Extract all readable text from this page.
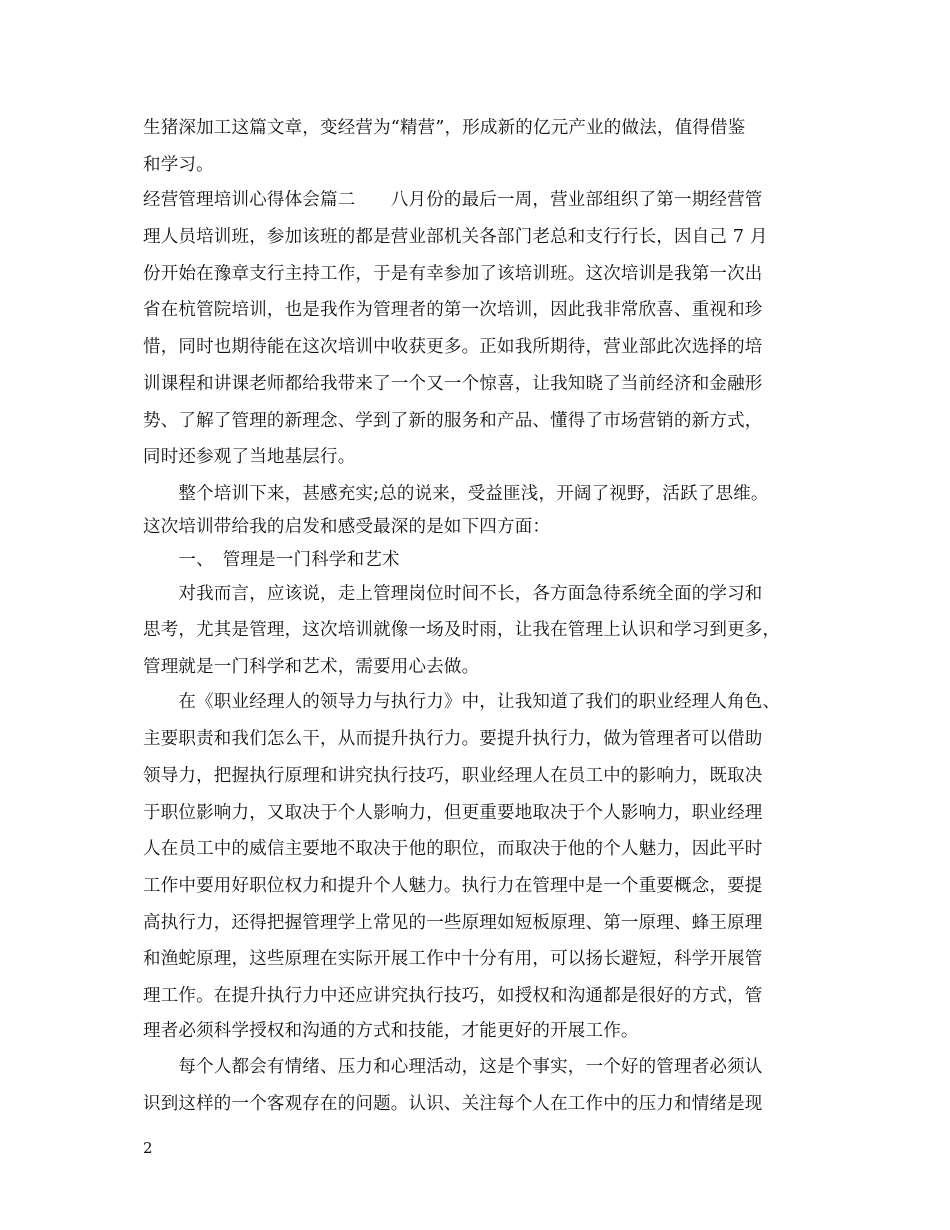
生猪深加工这篇文章，变经营为“精营”，形成新的亿元产业的做法，值得借鉴
和学习。
经营管理培训心得体会篇二　　八月份的最后一周，营业部组织了第一期经营管
理人员培训班，参加该班的都是营业部机关各部门老总和支行行长，因自己 7 月
份开始在豫章支行主持工作，于是有幸参加了该培训班。这次培训是我第一次出
省在杭管院培训，也是我作为管理者的第一次培训，因此我非常欣喜、重视和珍
惜，同时也期待能在这次培训中收获更多。正如我所期待，营业部此次选择的培
训课程和讲课老师都给我带来了一个又一个惊喜，让我知晓了当前经济和金融形
势、了解了管理的新理念、学到了新的服务和产品、懂得了市场营销的新方式，
同时还参观了当地基层行。
　　整个培训下来，甚感充实;总的说来，受益匪浅，开阔了视野，活跃了思维。
这次培训带给我的启发和感受最深的是如下四方面：
　　一、　管理是一门科学和艺术
　　对我而言，应该说，走上管理岗位时间不长，各方面急待系统全面的学习和
思考，尤其是管理，这次培训就像一场及时雨，让我在管理上认识和学习到更多，
管理就是一门科学和艺术，需要用心去做。
　　在《职业经理人的领导力与执行力》中，让我知道了我们的职业经理人角色、
主要职责和我们怎么干，从而提升执行力。要提升执行力，做为管理者可以借助
领导力，把握执行原理和讲究执行技巧，职业经理人在员工中的影响力，既取决
于职位影响力，又取决于个人影响力，但更重要地取决于个人影响力，职业经理
人在员工中的威信主要地不取决于他的职位，而取决于他的个人魅力，因此平时
工作中要用好职位权力和提升个人魅力。执行力在管理中是一个重要概念，要提
高执行力，还得把握管理学上常见的一些原理如短板原理、第一原理、蜂王原理
和渔蛇原理，这些原理在实际开展工作中十分有用，可以扬长避短，科学开展管
理工作。在提升执行力中还应讲究执行技巧，如授权和沟通都是很好的方式，管
理者必须科学授权和沟通的方式和技能，才能更好的开展工作。
　　每个人都会有情绪、压力和心理活动，这是个事实，一个好的管理者必须认
识到这样的一个客观存在的问题。认识、关注每个人在工作中的压力和情绪是现
2
